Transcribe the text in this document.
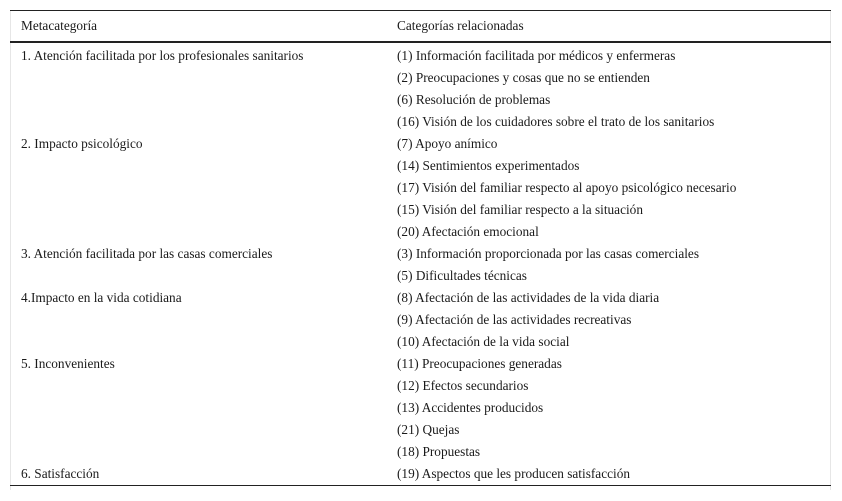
Metacategoría	Categorías relacionadas
1. Atención facilitada por los profesionales sanitarios	(1) Información facilitada por médicos y enfermeras
	(2) Preocupaciones y cosas que no se entienden
	(6) Resolución de problemas
	(16) Visión de los cuidadores sobre el trato de los sanitarios
2. Impacto psicológico	(7) Apoyo anímico
	(14) Sentimientos experimentados
	(17) Visión del familiar respecto al apoyo psicológico necesario
	(15) Visión del familiar respecto a la situación
	(20) Afectación emocional
3. Atención facilitada por las casas comerciales	(3) Información proporcionada por las casas comerciales
	(5) Dificultades técnicas
4.Impacto en la vida cotidiana	(8) Afectación de las actividades de la vida diaria
	(9) Afectación de las actividades recreativas
	(10) Afectación de la vida social
5. Inconvenientes	(11) Preocupaciones generadas
	(12) Efectos secundarios
	(13) Accidentes producidos
	(21) Quejas
	(18) Propuestas
6. Satisfacción	(19) Aspectos que les producen satisfacción
